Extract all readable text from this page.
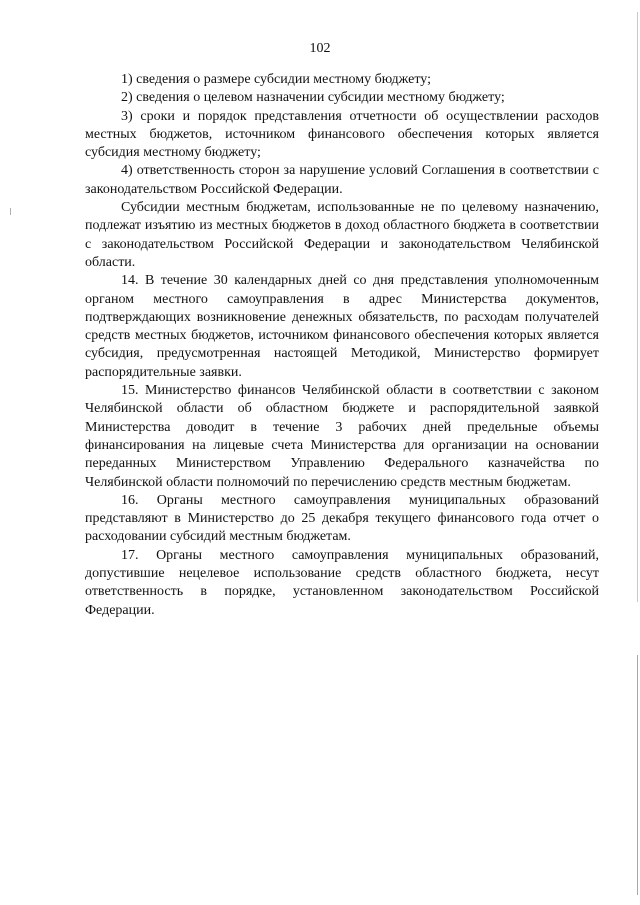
102

1) сведения о размере субсидии местному бюджету;

2) сведения о целевом назначении субсидии местному бюджету;

3) сроки и порядок представления отчетности об осуществлении расходов местных бюджетов, источником финансового обеспечения которых является субсидия местному бюджету;

4) ответственность сторон за нарушение условий Соглашения в соответствии с законодательством Российской Федерации.

Субсидии местным бюджетам, использованные не по целевому назначению, подлежат изъятию из местных бюджетов в доход областного бюджета в соответствии с законодательством Российской Федерации и законодательством Челябинской области.

14. В течение 30 календарных дней со дня представления уполномоченным органом местного самоуправления в адрес Министерства документов, подтверждающих возникновение денежных обязательств, по расходам получателей средств местных бюджетов, источником финансового обеспечения которых является субсидия, предусмотренная настоящей Методикой, Министерство формирует распорядительные заявки.

15. Министерство финансов Челябинской области в соответствии с законом Челябинской области об областном бюджете и распорядительной заявкой Министерства доводит в течение 3 рабочих дней предельные объемы финансирования на лицевые счета Министерства для организации на основании переданных Министерством Управлению Федерального казначейства по Челябинской области полномочий по перечислению средств местным бюджетам.

16. Органы местного самоуправления муниципальных образований представляют в Министерство до 25 декабря текущего финансового года отчет о расходовании субсидий местным бюджетам.

17. Органы местного самоуправления муниципальных образований, допустившие нецелевое использование средств областного бюджета, несут ответственность в порядке, установленном законодательством Российской Федерации.
